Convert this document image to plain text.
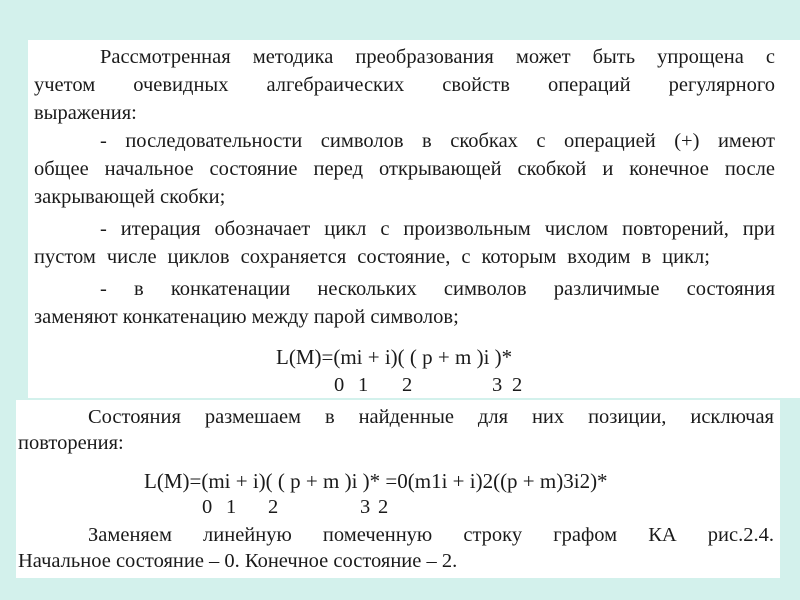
Рассмотренная методика преобразования может быть упрощена с
учетом очевидных алгебраических свойств операций регулярного
выражения:
- последовательности символов в скобках с операцией (+) имеют
общее начальное состояние перед открывающей скобкой и конечное после
закрывающей скобки;
- итерация обозначает цикл с произвольным числом повторений, при
пустом числе циклов сохраняется состояние, с которым входим в цикл;
- в конкатенации нескольких символов различимые состояния
заменяют конкатенацию между парой символов;
L(M)=(mi + i)( ( p + m )i )*
0 1 2	3 2
Состояния размешаем в найденные для них позиции, исключая
повторения:
L(M)=(mi + i)( ( p + m )i )* =0(m1i + i)2((p + m)3i2)*
0 1 2	3 2
Заменяем линейную помеченную строку графом КА рис.2.4.
Начальное состояние – 0. Конечное состояние – 2.
